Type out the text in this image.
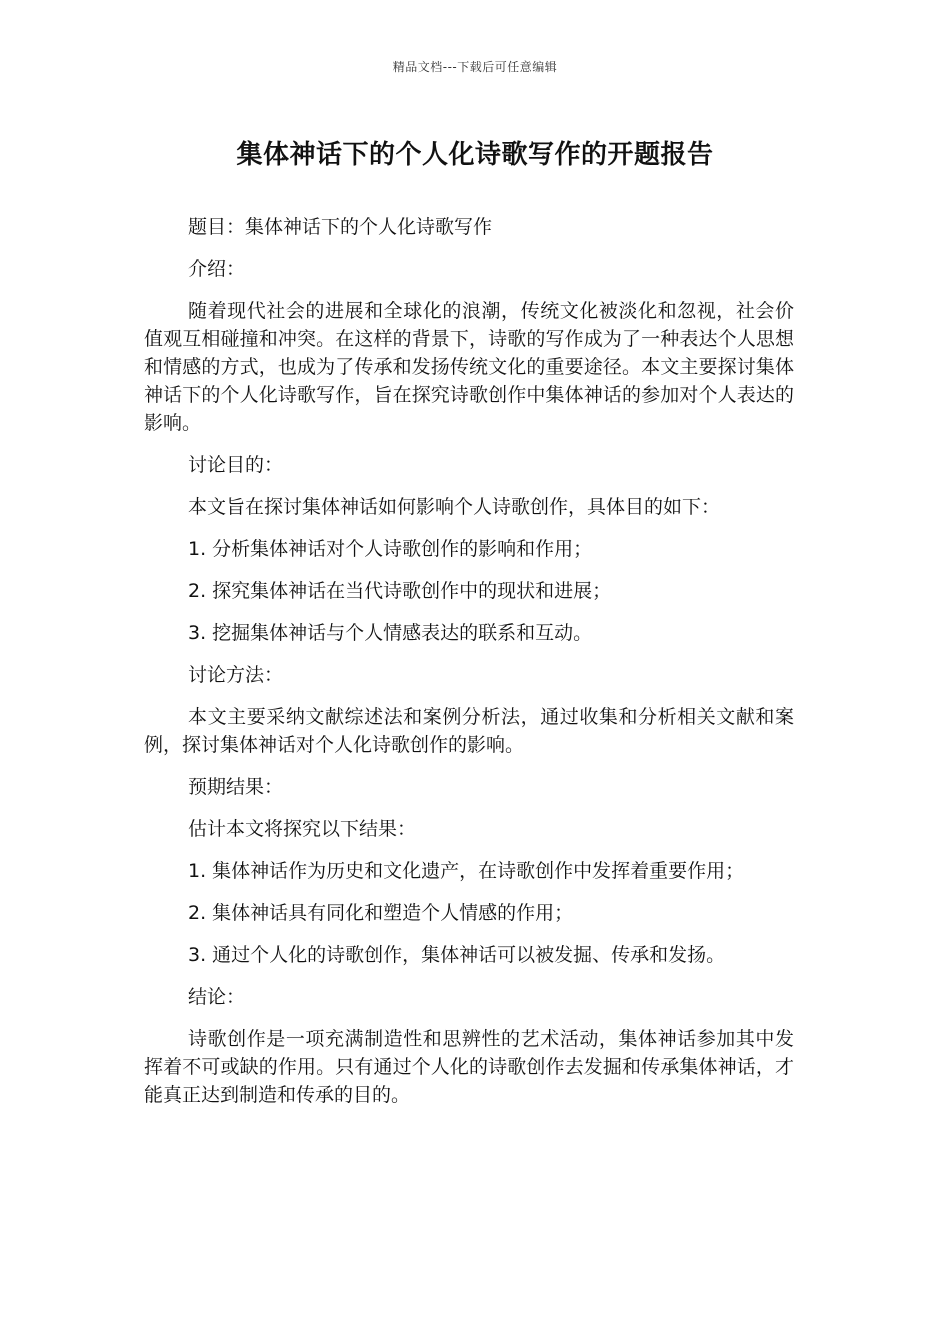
精品文档---下载后可任意编辑
集体神话下的个人化诗歌写作的开题报告

题目：集体神话下的个人化诗歌写作

介绍：

随着现代社会的进展和全球化的浪潮，传统文化被淡化和忽视，社会价值观互相碰撞和冲突。在这样的背景下，诗歌的写作成为了一种表达个人思想和情感的方式，也成为了传承和发扬传统文化的重要途径。本文主要探讨集体神话下的个人化诗歌写作，旨在探究诗歌创作中集体神话的参加对个人表达的影响。

讨论目的：

本文旨在探讨集体神话如何影响个人诗歌创作，具体目的如下：

1. 分析集体神话对个人诗歌创作的影响和作用；

2. 探究集体神话在当代诗歌创作中的现状和进展；

3. 挖掘集体神话与个人情感表达的联系和互动。

讨论方法：

本文主要采纳文献综述法和案例分析法，通过收集和分析相关文献和案例，探讨集体神话对个人化诗歌创作的影响。

预期结果：

估计本文将探究以下结果：

1. 集体神话作为历史和文化遗产，在诗歌创作中发挥着重要作用；

2. 集体神话具有同化和塑造个人情感的作用；

3. 通过个人化的诗歌创作，集体神话可以被发掘、传承和发扬。

结论：

诗歌创作是一项充满制造性和思辨性的艺术活动，集体神话参加其中发挥着不可或缺的作用。只有通过个人化的诗歌创作去发掘和传承集体神话，才能真正达到制造和传承的目的。
